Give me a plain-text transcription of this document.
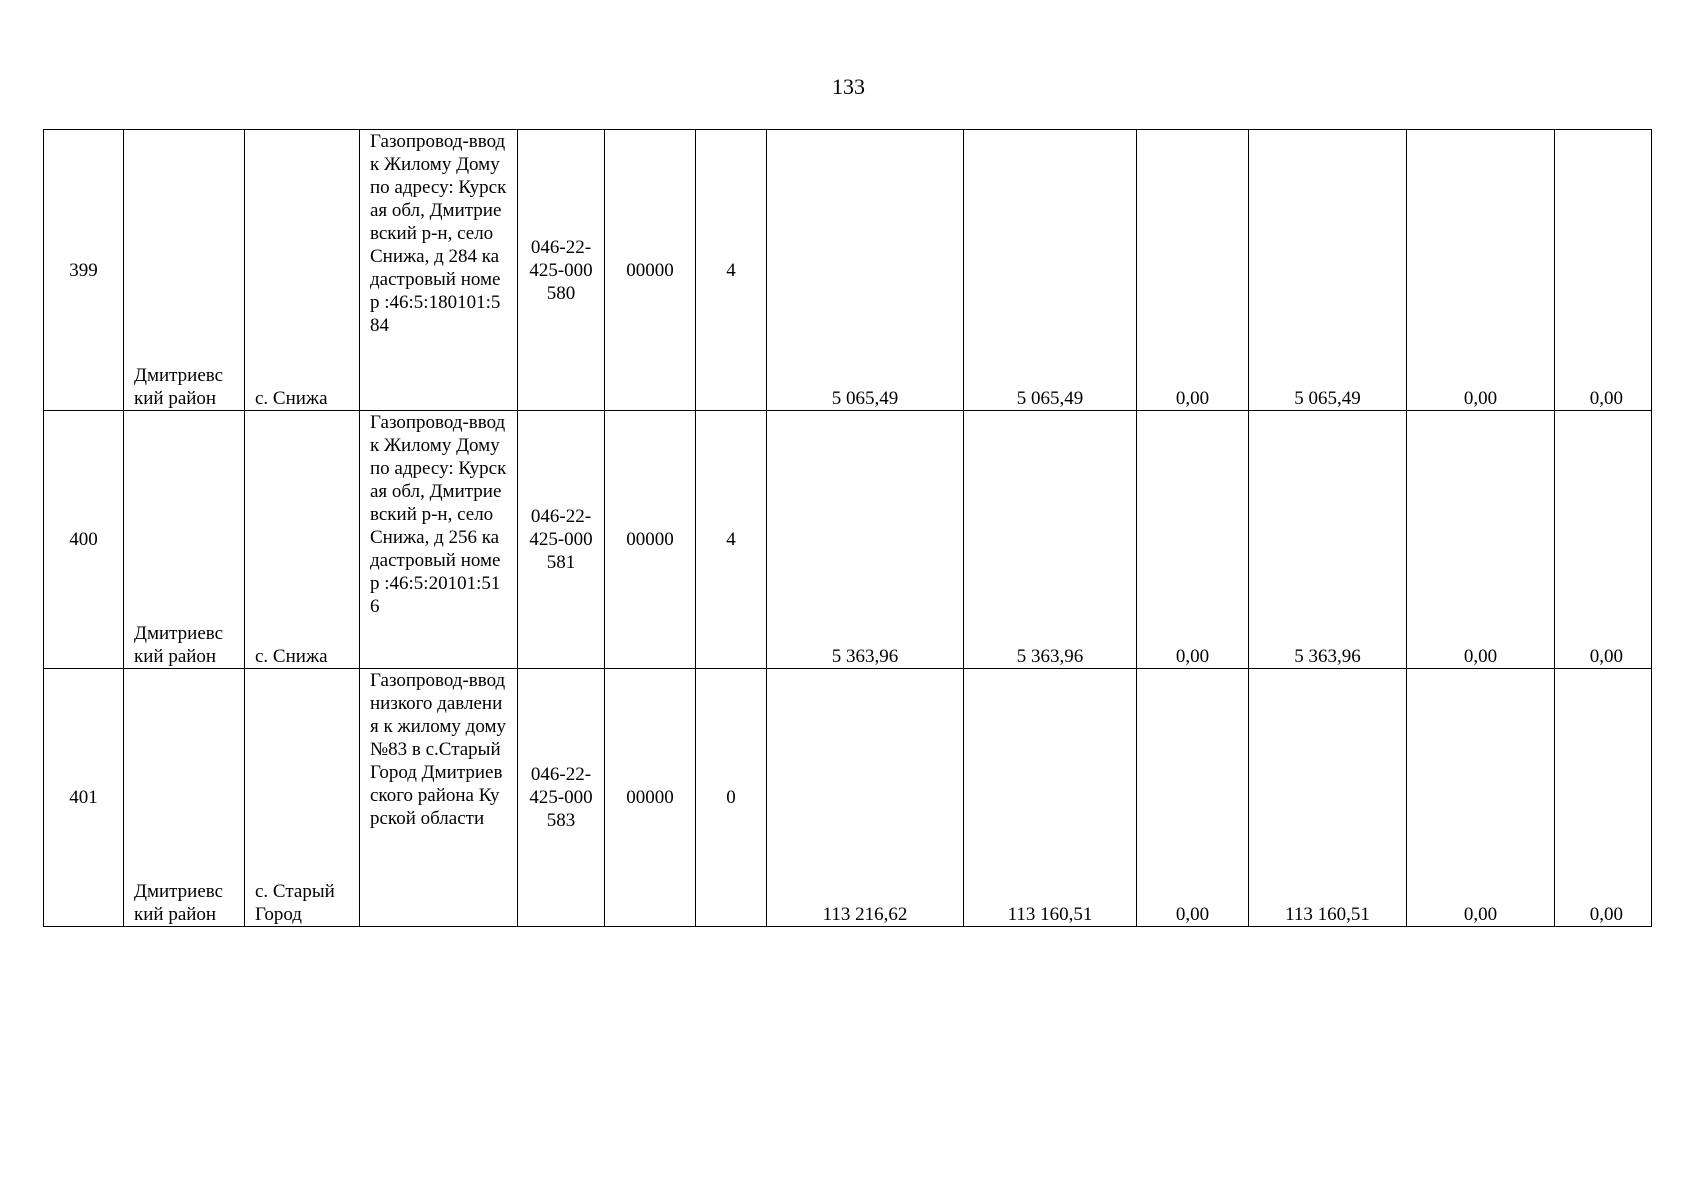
133
399	Дмитриевс кий район	с. Снижа	Газопровод-ввод к Жилому Дому по адресу: Курская обл, Дмитриевский р-н, село Снижа, д 284 кадастровый номер :46:5:180101:584	046-22-425-000580	00000	4	5 065,49	5 065,49	0,00	5 065,49	0,00	0,00
400	Дмитриевс кий район	с. Снижа	Газопровод-ввод к Жилому Дому по адресу: Курская обл, Дмитриевский р-н, село Снижа, д 256 кадастровый номер :46:5:20101:516	046-22-425-000581	00000	4	5 363,96	5 363,96	0,00	5 363,96	0,00	0,00
401	Дмитриевс кий район	с. Старый Город	Газопровод-ввод низкого давления к жилому дому №83 в с.Старый Город Дмитриевского района Курской области	046-22-425-000583	00000	0	113 216,62	113 160,51	0,00	113 160,51	0,00	0,00
